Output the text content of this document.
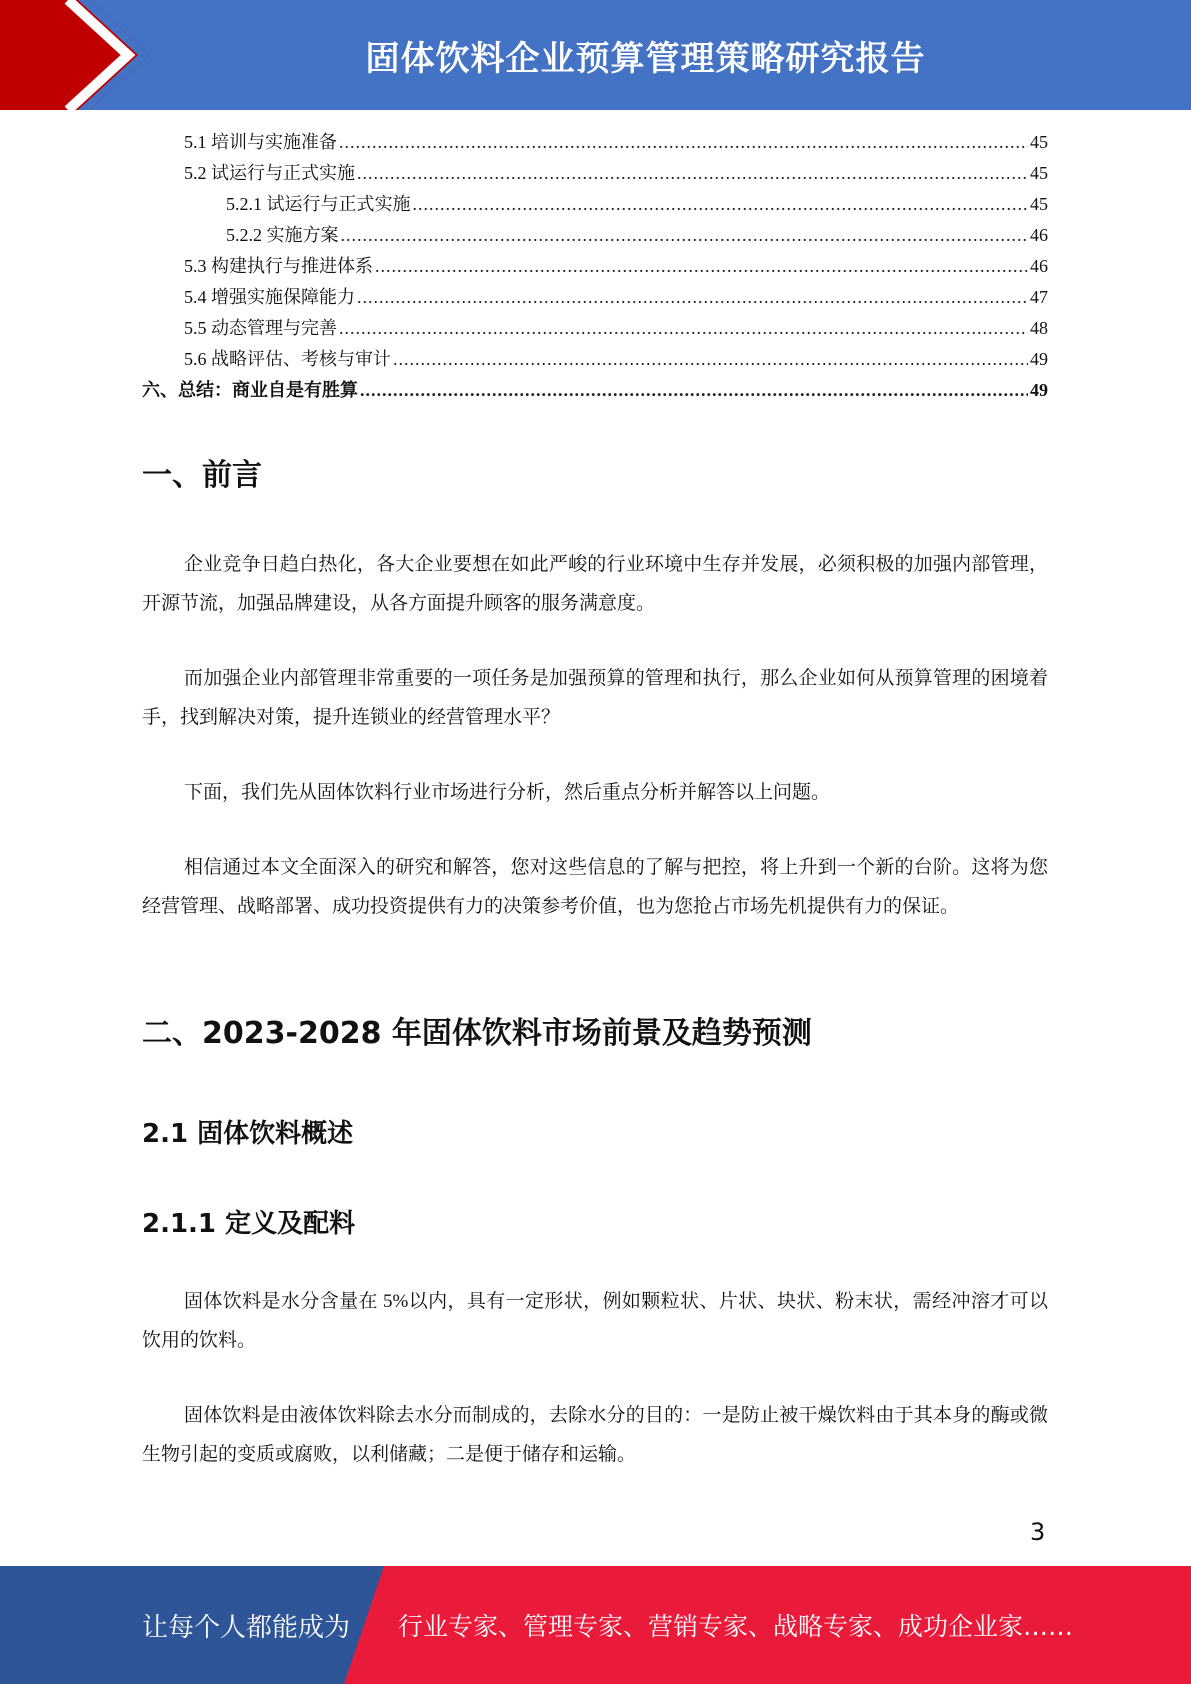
固体饮料企业预算管理策略研究报告
5.1 培训与实施准备 .....	45
5.2 试运行与正式实施 .....	45
5.2.1 试运行与正式实施 .....	45
5.2.2 实施方案 .....	46
5.3 构建执行与推进体系 .....	46
5.4 增强实施保障能力 .....	47
5.5 动态管理与完善 .....	48
5.6 战略评估、考核与审计 .....	49
六、总结：商业自是有胜算 .....	49
一、前言
企业竞争日趋白热化，各大企业要想在如此严峻的行业环境中生存并发展，必须积极的加强内部管理，开源节流，加强品牌建设，从各方面提升顾客的服务满意度。
而加强企业内部管理非常重要的一项任务是加强预算的管理和执行，那么企业如何从预算管理的困境着手，找到解决对策，提升连锁业的经营管理水平？
下面，我们先从固体饮料行业市场进行分析，然后重点分析并解答以上问题。
相信通过本文全面深入的研究和解答，您对这些信息的了解与把控，将上升到一个新的台阶。这将为您经营管理、战略部署、成功投资提供有力的决策参考价值，也为您抢占市场先机提供有力的保证。
二、2023-2028 年固体饮料市场前景及趋势预测
2.1 固体饮料概述
2.1.1 定义及配料
固体饮料是水分含量在 5%以内，具有一定形状，例如颗粒状、片状、块状、粉末状，需经冲溶才可以饮用的饮料。
固体饮料是由液体饮料除去水分而制成的，去除水分的目的：一是防止被干燥饮料由于其本身的酶或微生物引起的变质或腐败，以利储藏；二是便于储存和运输。
3
让每个人都能成为 行业专家、管理专家、营销专家、战略专家、成功企业家……
